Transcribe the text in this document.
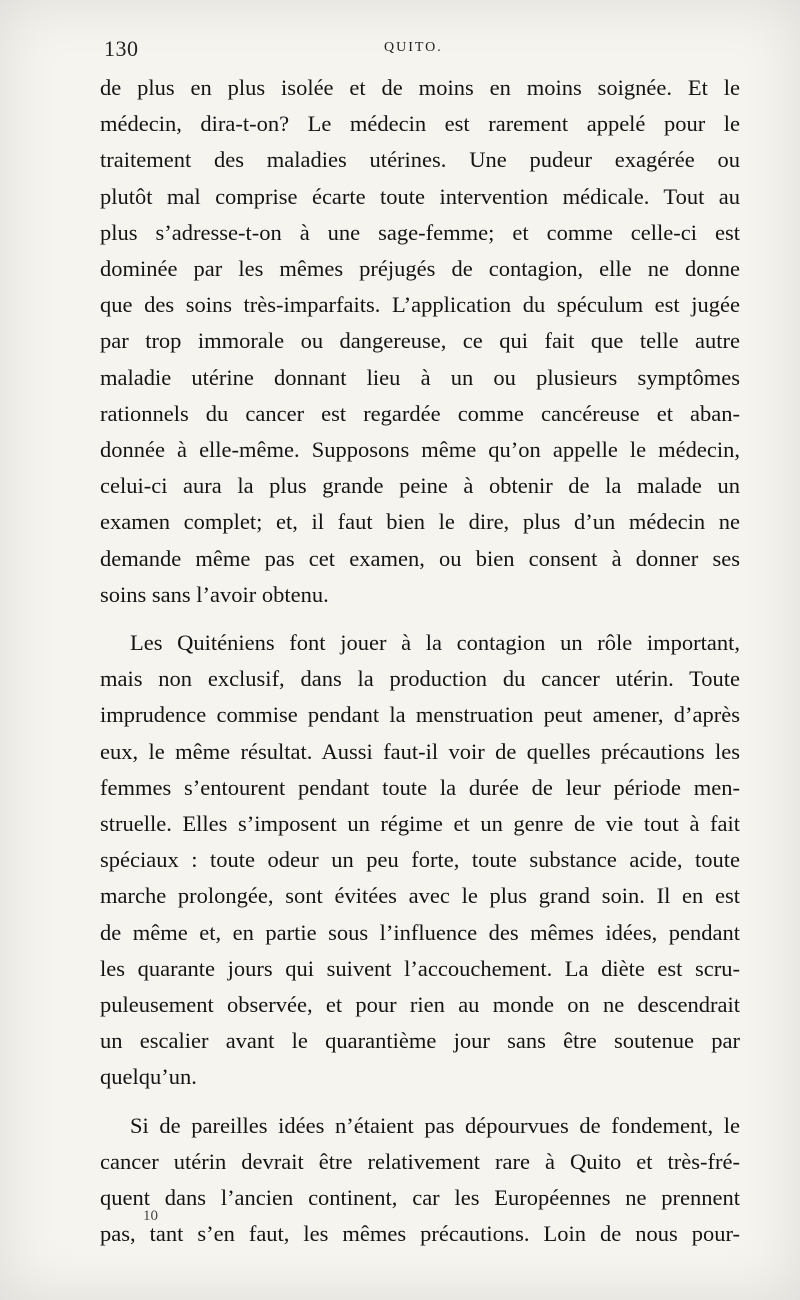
130	QUITO.
de plus en plus isolée et de moins en moins soignée. Et le
médecin, dira-t-on? Le médecin est rarement appelé pour le
traitement des maladies utérines. Une pudeur exagérée ou
plutôt mal comprise écarte toute intervention médicale. Tout au
plus s’adresse-t-on à une sage-femme; et comme celle-ci est
dominée par les mêmes préjugés de contagion, elle ne donne
que des soins très-imparfaits. L’application du spéculum est jugée
par trop immorale ou dangereuse, ce qui fait que telle autre
maladie utérine donnant lieu à un ou plusieurs symptômes
rationnels du cancer est regardée comme cancéreuse et aban-
donnée à elle-même. Supposons même qu’on appelle le médecin,
celui-ci aura la plus grande peine à obtenir de la malade un
examen complet; et, il faut bien le dire, plus d’un médecin ne
demande même pas cet examen, ou bien consent à donner ses
soins sans l’avoir obtenu.
Les Quiténiens font jouer à la contagion un rôle important,
mais non exclusif, dans la production du cancer utérin. Toute
imprudence commise pendant la menstruation peut amener, d’après
eux, le même résultat. Aussi faut-il voir de quelles précautions les
femmes s’entourent pendant toute la durée de leur période men-
struelle. Elles s’imposent un régime et un genre de vie tout à fait
spéciaux : toute odeur un peu forte, toute substance acide, toute
marche prolongée, sont évitées avec le plus grand soin. Il en est
de même et, en partie sous l’influence des mêmes idées, pendant
les quarante jours qui suivent l’accouchement. La diète est scru-
puleusement observée, et pour rien au monde on ne descendrait
un escalier avant le quarantième jour sans être soutenue par
quelqu’un.
Si de pareilles idées n’étaient pas dépourvues de fondement, le
cancer utérin devrait être relativement rare à Quito et très-fré-
quent dans l’ancien continent, car les Européennes ne prennent
pas, tant s’en faut, les mêmes précautions. Loin de nous pour-
10
